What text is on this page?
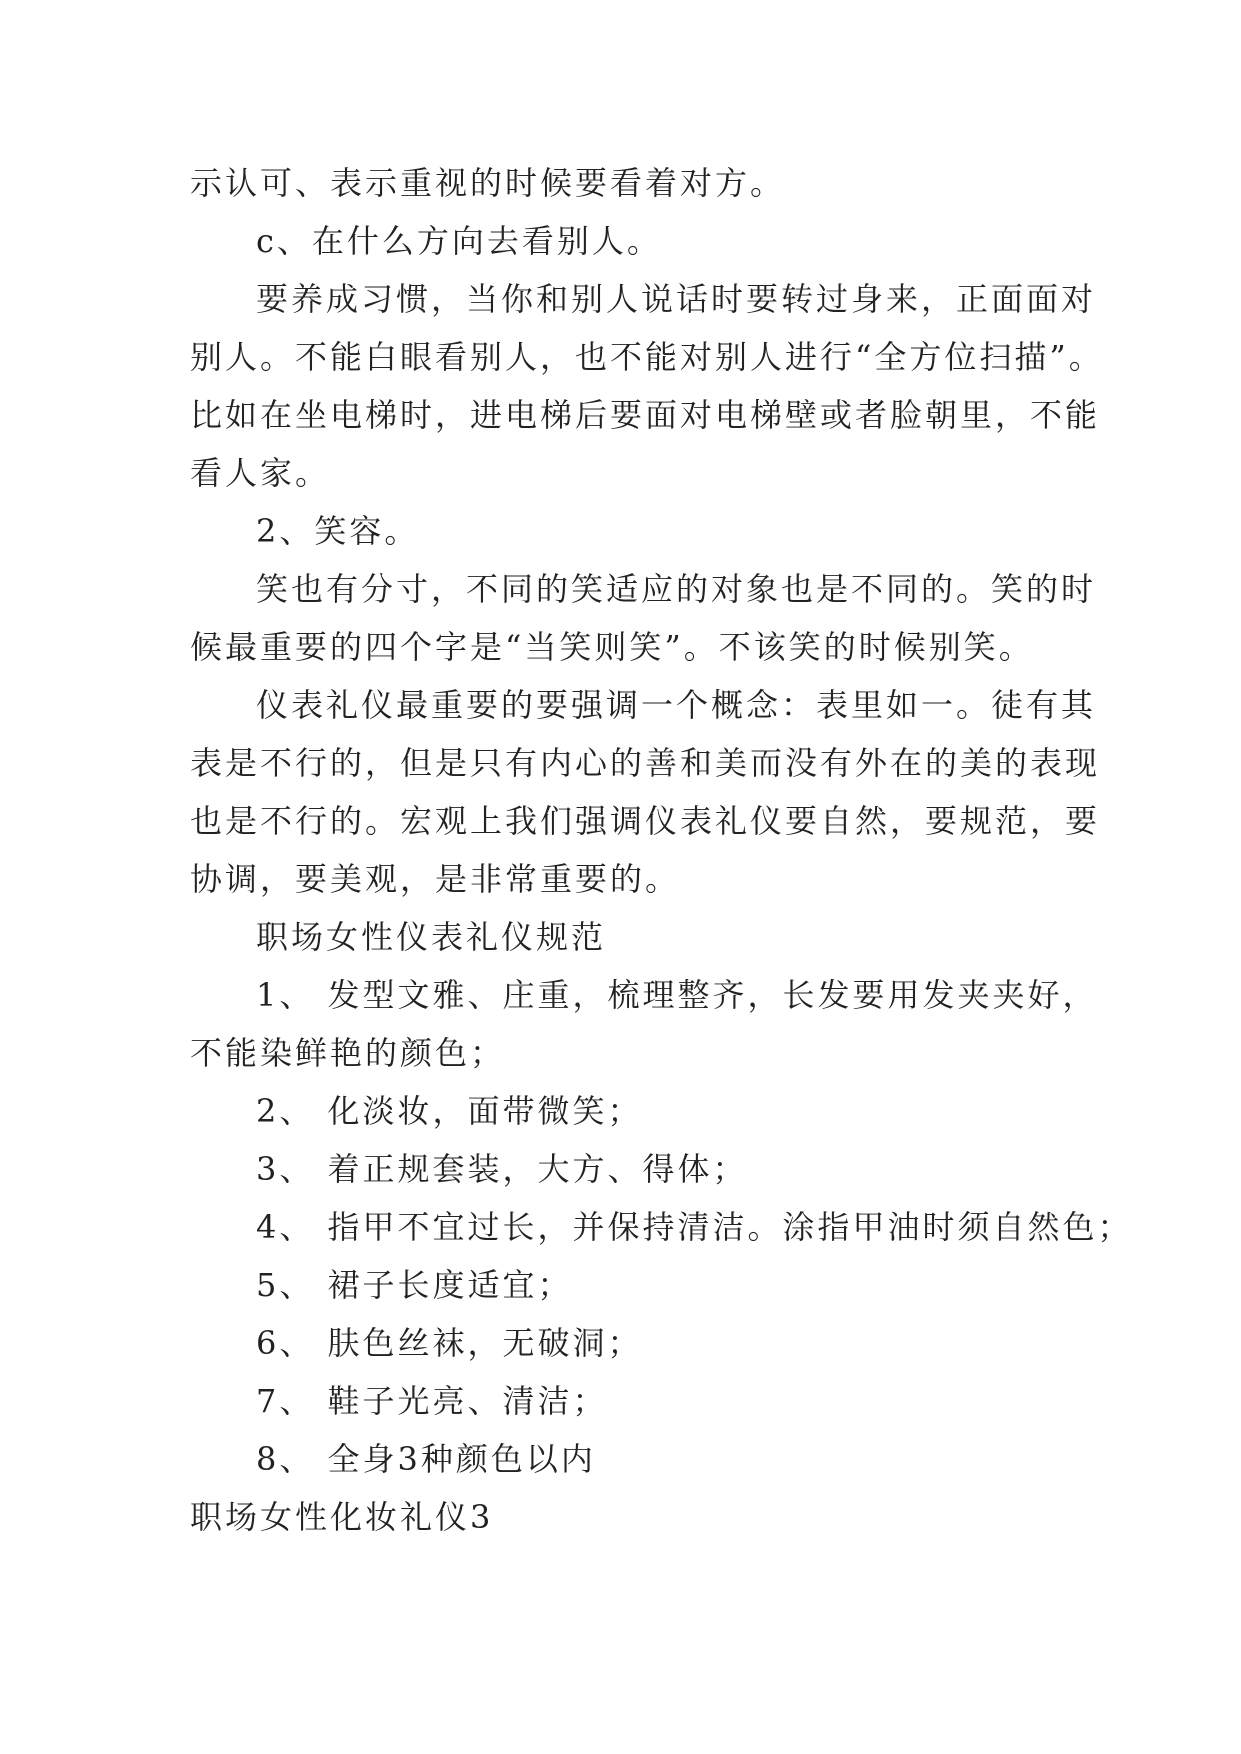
示认可、表示重视的时候要看着对方。
c、在什么方向去看别人。
要养成习惯，当你和别人说话时要转过身来，正面面对
别人。不能白眼看别人，也不能对别人进行“全方位扫描”。
比如在坐电梯时，进电梯后要面对电梯壁或者脸朝里，不能
看人家。
2、笑容。
笑也有分寸，不同的笑适应的对象也是不同的。笑的时
候最重要的四个字是“当笑则笑”。不该笑的时候别笑。
仪表礼仪最重要的要强调一个概念：表里如一。徒有其
表是不行的，但是只有内心的善和美而没有外在的美的表现
也是不行的。宏观上我们强调仪表礼仪要自然，要规范，要
协调，要美观，是非常重要的。
职场女性仪表礼仪规范
1、 发型文雅、庄重，梳理整齐，长发要用发夹夹好，
不能染鲜艳的颜色；
2、 化淡妆，面带微笑；
3、 着正规套装，大方、得体；
4、 指甲不宜过长，并保持清洁。涂指甲油时须自然色；
5、 裙子长度适宜；
6、 肤色丝袜，无破洞；
7、 鞋子光亮、清洁；
8、 全身3种颜色以内
职场女性化妆礼仪3
